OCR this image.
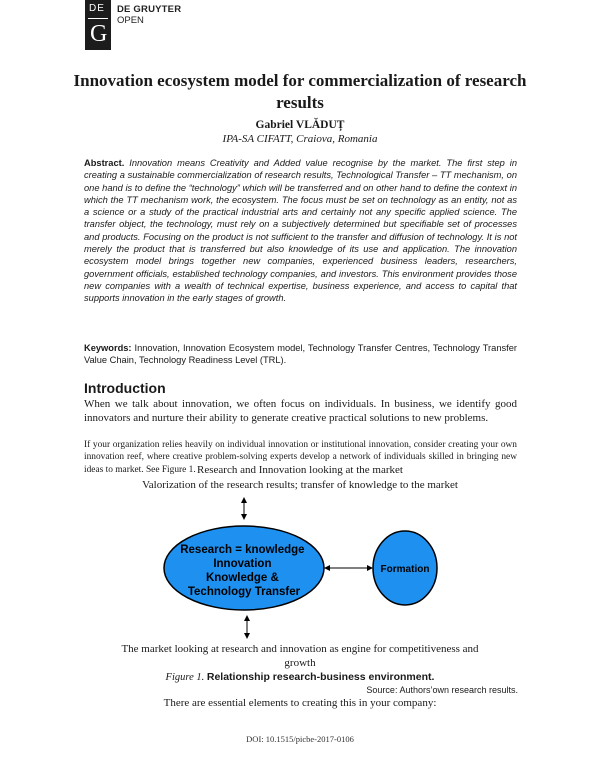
DE
G
DE GRUYTER
OPEN
Innovation ecosystem model for commercialization of research results
Gabriel VLĂDUȚ
IPA-SA CIFATT, Craiova, Romania

Abstract. Innovation means Creativity and Added value recognise by the market. The first step in creating a sustainable commercialization of research results, Technological Transfer – TT mechanism, on one hand is to define the “technology” which will be transferred and on other hand to define the context in which the TT mechanism work, the ecosystem. The focus must be set on technology as an entity, not as a science or a study of the practical industrial arts and certainly not any specific applied science. The transfer object, the technology, must rely on a subjectively determined but specifiable set of processes and products. Focusing on the product is not sufficient to the transfer and diffusion of technology. It is not merely the product that is transferred but also knowledge of its use and application. The innovation ecosystem model brings together new companies, experienced business leaders, researchers, government officials, established technology companies, and investors. This environment provides those new companies with a wealth of technical expertise, business experience, and access to capital that supports innovation in the early stages of growth.

Keywords: Innovation, Innovation Ecosystem model, Technology Transfer Centres, Technology Transfer Value Chain, Technology Readiness Level (TRL).

Introduction

When we talk about innovation, we often focus on individuals. In business, we identify good innovators and nurture their ability to generate creative practical solutions to new problems.

If your organization relies heavily on individual innovation or institutional innovation, consider creating your own innovation reef, where creative problem-solving experts develop a network of individuals skilled in bringing new ideas to market. See Figure 1. Research and Innovation looking at the market
Valorization of the research results; transfer of knowledge to the market
Research = knowledge Innovation Knowledge & Technology Transfer
Formation
The market looking at research and innovation as engine for competitiveness and
growth
Figure 1. Relationship research-business environment.
Source: Authors’own research results.
There are essential elements to creating this in your company:
DOI: 10.1515/picbe-2017-0106
